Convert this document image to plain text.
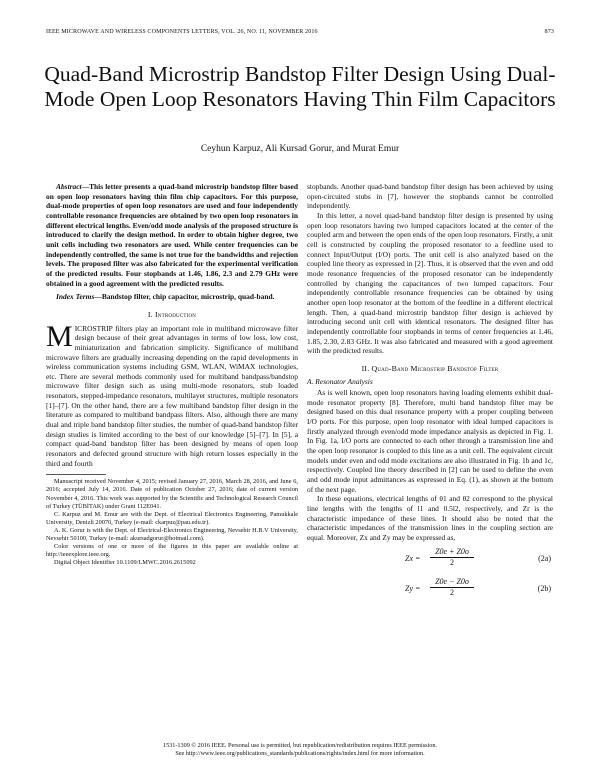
IEEE MICROWAVE AND WIRELESS COMPONENTS LETTERS, VOL. 26, NO. 11, NOVEMBER 2016	873
Quad-Band Microstrip Bandstop Filter Design Using Dual-Mode Open Loop Resonators Having Thin Film Capacitors
Ceyhun Karpuz, Ali Kursad Gorur, and Murat Emur

Abstract—This letter presents a quad-band microstrip bandstop filter based on open loop resonators having thin film chip capacitors. For this purpose, dual-mode properties of open loop resonators are used and four independently controllable resonance frequencies are obtained by two open loop resonators in different electrical lengths. Even/odd mode analysis of the proposed structure is introduced to clarify the design method. In order to obtain higher degree, two unit cells including two resonators are used. While center frequencies can be independently controlled, the same is not true for the bandwidths and rejection levels. The proposed filter was also fabricated for the experimental verification of the predicted results. Four stopbands at 1.46, 1.86, 2.3 and 2.79 GHz were obtained in a good agreement with the predicted results.

Index Terms—Bandstop filter, chip capacitor, microstrip, quad-band.

I. Introduction

MICROSTRIP filters play an important role in multiband microwave filter design because of their great advantages in terms of low loss, low cost, miniaturization and fabrication simplicity. Significance of multiband microwave filters are gradually increasing depending on the rapid developments in wireless communication systems including GSM, WLAN, WiMAX technologies, etc. There are several methods commonly used for multiband bandpass/bandstop microwave filter design such as using multi-mode resonators, stub loaded resonators, stepped-impedance resonators, multilayer structures, multiple resonators [1]–[7]. On the other hand, there are a few multiband bandstop filter design in the literature as compared to multiband bandpass filters. Also, although there are many dual and triple band bandstop filter studies, the number of quad-band bandstop filter design studies is limited according to the best of our knowledge [5]–[7]. In [5], a compact quad-band bandstop filter has been designed by means of open loop resonators and defected ground structure with high return losses especially in the third and fourth

Manuscript received November 4, 2015; revised January 27, 2016, March 28, 2016, and June 6, 2016; accepted July 14, 2016. Date of publication October 27, 2016; date of current version November 4, 2016. This work was supported by the Scientific and Technological Research Council of Turkey (TÜBİTAK) under Grant 112E041.

C. Karpuz and M. Emur are with the Dept. of Electrical Electronics Engineering, Pamukkale University, Denizli 20070, Turkey (e-mail: ckarpuz@pau.edu.tr).

A. K. Gorur is with the Dept. of Electrical-Electronics Engineering, Nevsehir H.B.V University, Nevsehir 50100, Turkey (e-mail: akursadgorur@hotmail.com).

Color versions of one or more of the figures in this paper are available online at http://ieeexplore.ieee.org.

Digital Object Identifier 10.1109/LMWC.2016.2615092

stopbands. Another quad-band bandstop filter design has been achieved by using open-circuited stubs in [7], however the stopbands cannot be controlled independently.

In this letter, a novel quad-band bandstop filter design is presented by using open loop resonators having two lumped capacitors located at the center of the coupled arm and between the open ends of the open loop resonators. Firstly, a unit cell is constructed by coupling the proposed resonator to a feedline used to connect Input/Output (I/O) ports. The unit cell is also analyzed based on the coupled line theory as expressed in [2]. Thus, it is observed that the even and odd mode resonance frequencies of the proposed resonator can be independently controlled by changing the capacitances of two lumped capacitors. Four independently controllable resonance frequencies can be obtained by using another open loop resonator at the bottom of the feedline in a different electrical length. Then, a quad-band microstrip bandstop filter design is achieved by introducing second unit cell with identical resonators. The designed filter has independently controllable four stopbands in terms of center frequencies at 1.46, 1.85, 2.30, 2.83 GHz. It was also fabricated and measured with a good agreement with the predicted results.

II. Quad-Band Microstrip Bandstop Filter

A. Resonator Analysis

As is well known, open loop resonators having loading elements exhibit dual-mode resonator property [8]. Therefore, multi band bandstop filter may be designed based on this dual resonance property with a proper coupling between I/O ports. For this purpose, open loop resonator with ideal lumped capacitors is firstly analyzed through even/odd mode impedance analysis as depicted in Fig. 1. In Fig. 1a, I/O ports are connected to each other through a transmission line and the open loop resonator is coupled to this line as a unit cell. The equivalent circuit models under even and odd mode excitations are also illustrated in Fig. 1b and 1c, respectively. Coupled line theory described in [2] can be used to define the even and odd mode input admittances as expressed in Eq. (1), as shown at the bottom of the next page.

In these equations, electrical lengths of θ1 and θ2 correspond to the physical line lengths with the lengths of l1 and 0.5l2, respectively, and Zr is the characteristic impedance of these lines. It should also be noted that the characteristic impedances of the transmission lines in the coupling section are equal. Moreover, Zx and Zy may be expressed as,

$Zx = \frac{Z0e + Z0o}{2}$	(2a)
$Zy = \frac{Z0e - Z0o}{2}$	(2b)
1531-1309 © 2016 IEEE. Personal use is permitted, but republication/redistribution requires IEEE permission.
See http://www.ieee.org/publications_standards/publications/rights/index.html for more information.
